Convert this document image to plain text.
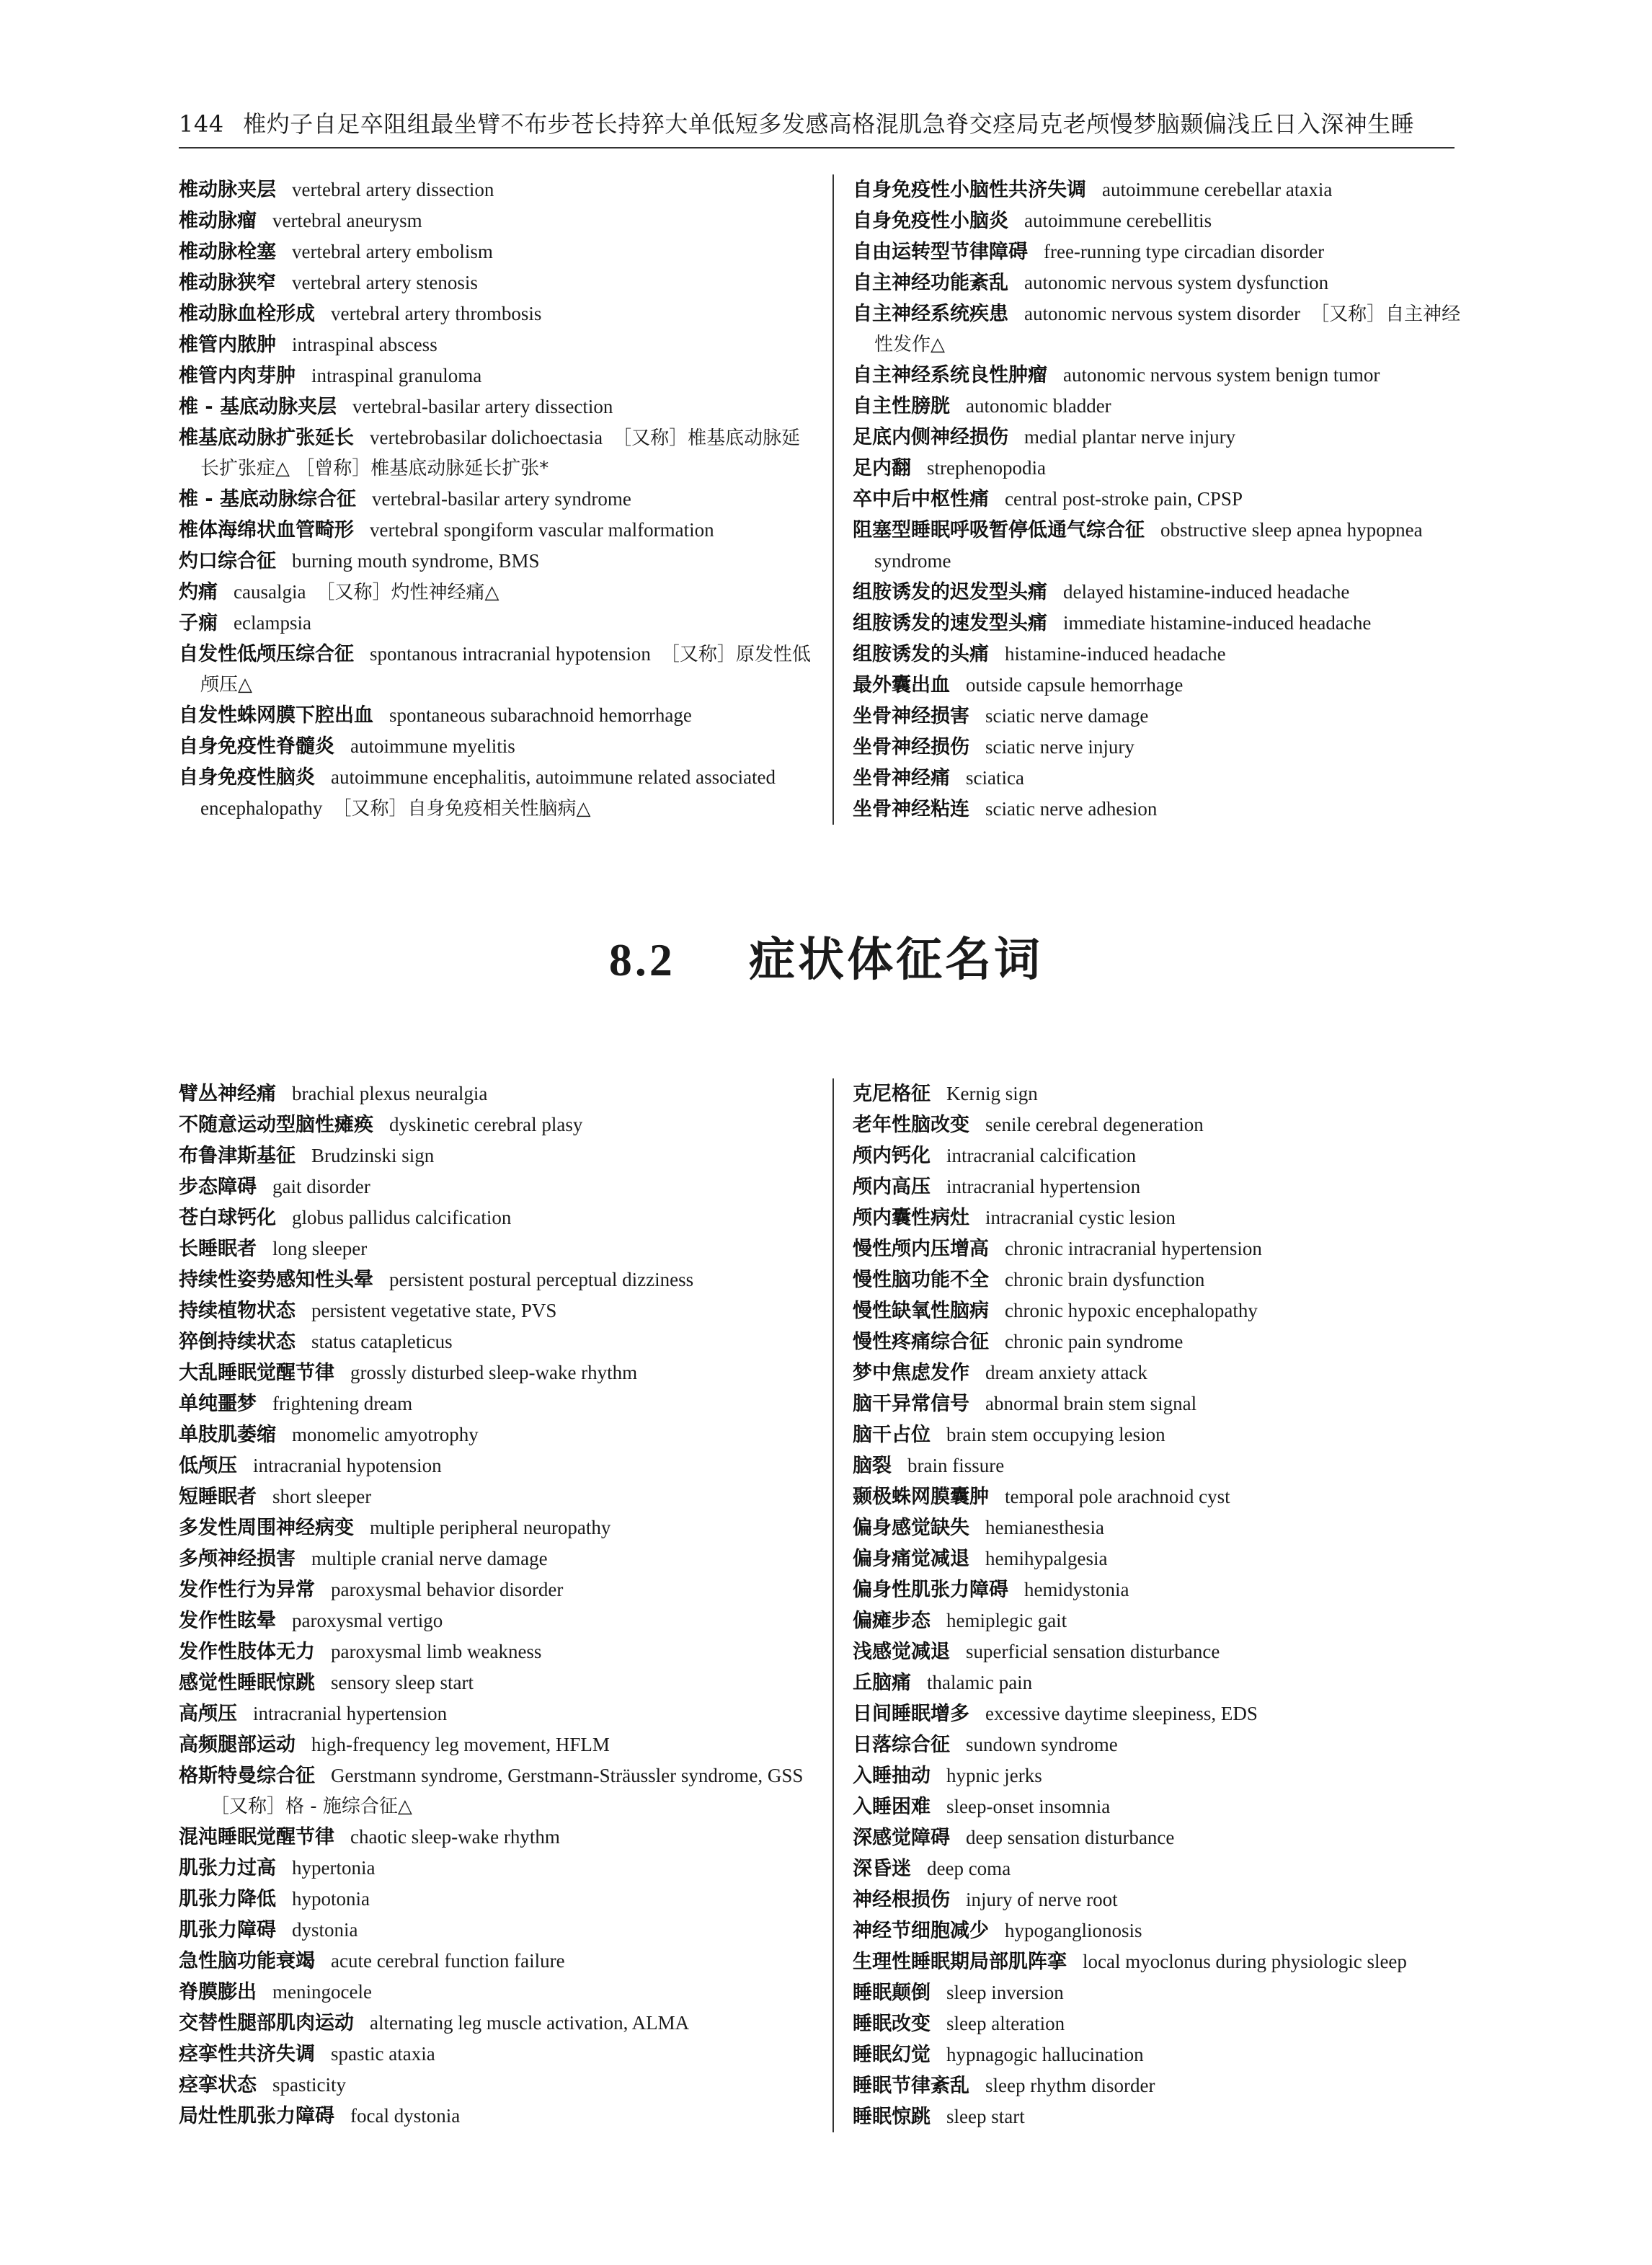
144 椎灼子自足卒阻组最坐臂不布步苍长持猝大单低短多发感高格混肌急脊交痉局克老颅慢梦脑颞偏浅丘日入深神生睡
椎动脉夹层 vertebral artery dissection
椎动脉瘤 vertebral aneurysm
椎动脉栓塞 vertebral artery embolism
椎动脉狭窄 vertebral artery stenosis
椎动脉血栓形成 vertebral artery thrombosis
椎管内脓肿 intraspinal abscess
椎管内肉芽肿 intraspinal granuloma
椎 - 基底动脉夹层 vertebral-basilar artery dissection
椎基底动脉扩张延长 vertebrobasilar dolichoectasia ［又称］椎基底动脉延长扩张症△ ［曾称］椎基底动脉延长扩张*
椎 - 基底动脉综合征 vertebral-basilar artery syndrome
椎体海绵状血管畸形 vertebral spongiform vascular malformation
灼口综合征 burning mouth syndrome, BMS
灼痛 causalgia ［又称］灼性神经痛△
子痫 eclampsia
自发性低颅压综合征 spontanous intracranial hypotension ［又称］原发性低颅压△
自发性蛛网膜下腔出血 spontaneous subarachnoid hemorrhage
自身免疫性脊髓炎 autoimmune myelitis
自身免疫性脑炎 autoimmune encephalitis, autoimmune related associated encephalopathy ［又称］自身免疫相关性脑病△
自身免疫性小脑性共济失调 autoimmune cerebellar ataxia
自身免疫性小脑炎 autoimmune cerebellitis
自由运转型节律障碍 free-running type circadian disorder
自主神经功能紊乱 autonomic nervous system dysfunction
自主神经系统疾患 autonomic nervous system disorder ［又称］自主神经性发作△
自主神经系统良性肿瘤 autonomic nervous system benign tumor
自主性膀胱 autonomic bladder
足底内侧神经损伤 medial plantar nerve injury
足内翻 strephenopodia
卒中后中枢性痛 central post-stroke pain, CPSP
阻塞型睡眠呼吸暂停低通气综合征 obstructive sleep apnea hypopnea syndrome
组胺诱发的迟发型头痛 delayed histamine-induced headache
组胺诱发的速发型头痛 immediate histamine-induced headache
组胺诱发的头痛 histamine-induced headache
最外囊出血 outside capsule hemorrhage
坐骨神经损害 sciatic nerve damage
坐骨神经损伤 sciatic nerve injury
坐骨神经痛 sciatica
坐骨神经粘连 sciatic nerve adhesion
8.2 症状体征名词
臂丛神经痛 brachial plexus neuralgia
不随意运动型脑性瘫痪 dyskinetic cerebral plasy
布鲁津斯基征 Brudzinski sign
步态障碍 gait disorder
苍白球钙化 globus pallidus calcification
长睡眠者 long sleeper
持续性姿势感知性头晕 persistent postural perceptual dizziness
持续植物状态 persistent vegetative state, PVS
猝倒持续状态 status catapleticus
大乱睡眠觉醒节律 grossly disturbed sleep-wake rhythm
单纯噩梦 frightening dream
单肢肌萎缩 monomelic amyotrophy
低颅压 intracranial hypotension
短睡眠者 short sleeper
多发性周围神经病变 multiple peripheral neuropathy
多颅神经损害 multiple cranial nerve damage
发作性行为异常 paroxysmal behavior disorder
发作性眩晕 paroxysmal vertigo
发作性肢体无力 paroxysmal limb weakness
感觉性睡眠惊跳 sensory sleep start
高颅压 intracranial hypertension
高频腿部运动 high-frequency leg movement, HFLM
格斯特曼综合征 Gerstmann syndrome, Gerstmann-Sträussler syndrome, GSS［又称］格 - 施综合征△
混沌睡眠觉醒节律 chaotic sleep-wake rhythm
肌张力过高 hypertonia
肌张力降低 hypotonia
肌张力障碍 dystonia
急性脑功能衰竭 acute cerebral function failure
脊膜膨出 meningocele
交替性腿部肌肉运动 alternating leg muscle activation, ALMA
痉挛性共济失调 spastic ataxia
痉挛状态 spasticity
局灶性肌张力障碍 focal dystonia
克尼格征 Kernig sign
老年性脑改变 senile cerebral degeneration
颅内钙化 intracranial calcification
颅内高压 intracranial hypertension
颅内囊性病灶 intracranial cystic lesion
慢性颅内压增高 chronic intracranial hypertension
慢性脑功能不全 chronic brain dysfunction
慢性缺氧性脑病 chronic hypoxic encephalopathy
慢性疼痛综合征 chronic pain syndrome
梦中焦虑发作 dream anxiety attack
脑干异常信号 abnormal brain stem signal
脑干占位 brain stem occupying lesion
脑裂 brain fissure
颞极蛛网膜囊肿 temporal pole arachnoid cyst
偏身感觉缺失 hemianesthesia
偏身痛觉减退 hemihypalgesia
偏身性肌张力障碍 hemidystonia
偏瘫步态 hemiplegic gait
浅感觉减退 superficial sensation disturbance
丘脑痛 thalamic pain
日间睡眠增多 excessive daytime sleepiness, EDS
日落综合征 sundown syndrome
入睡抽动 hypnic jerks
入睡困难 sleep-onset insomnia
深感觉障碍 deep sensation disturbance
深昏迷 deep coma
神经根损伤 injury of nerve root
神经节细胞减少 hypoganglionosis
生理性睡眠期局部肌阵挛 local myoclonus during physiologic sleep
睡眠颠倒 sleep inversion
睡眠改变 sleep alteration
睡眠幻觉 hypnagogic hallucination
睡眠节律紊乱 sleep rhythm disorder
睡眠惊跳 sleep start
